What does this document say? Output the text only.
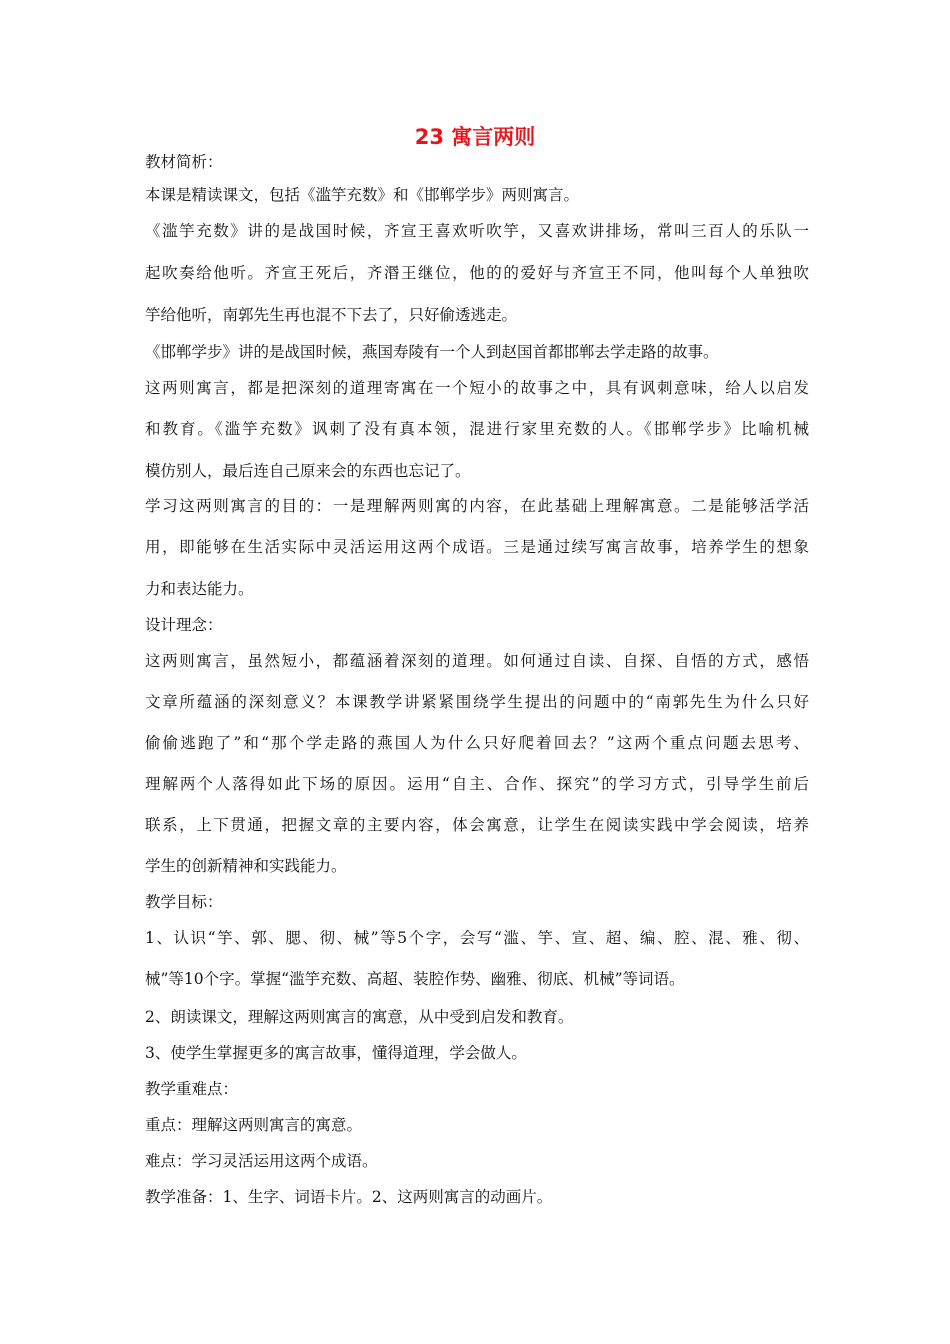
23 寓言两则

教材简析：

本课是精读课文，包括《滥竽充数》和《邯郸学步》两则寓言。

《滥竽充数》讲的是战国时候，齐宣王喜欢听吹竽，又喜欢讲排场，常叫三百人的乐队一

起吹奏给他听。齐宣王死后，齐湣王继位，他的的爱好与齐宣王不同，他叫每个人单独吹

竽给他听，南郭先生再也混不下去了，只好偷透逃走。

《邯郸学步》讲的是战国时候，燕国寿陵有一个人到赵国首都邯郸去学走路的故事。

这两则寓言，都是把深刻的道理寄寓在一个短小的故事之中，具有讽刺意味，给人以启发

和教育。《滥竽充数》讽刺了没有真本领，混进行家里充数的人。《邯郸学步》比喻机械

模仿别人，最后连自己原来会的东西也忘记了。

学习这两则寓言的目的：一是理解两则寓的内容，在此基础上理解寓意。二是能够活学活

用，即能够在生活实际中灵活运用这两个成语。三是通过续写寓言故事，培养学生的想象

力和表达能力。

设计理念：

这两则寓言，虽然短小，都蕴涵着深刻的道理。如何通过自读、自探、自悟的方式，感悟

文章所蕴涵的深刻意义？本课教学讲紧紧围绕学生提出的问题中的“南郭先生为什么只好

偷偷逃跑了”和“那个学走路的燕国人为什么只好爬着回去？”这两个重点问题去思考、

理解两个人落得如此下场的原因。运用“自主、合作、探究”的学习方式，引导学生前后

联系，上下贯通，把握文章的主要内容，体会寓意，让学生在阅读实践中学会阅读，培养

学生的创新精神和实践能力。

教学目标：

1、认识“竽、郭、腮、彻、械”等5个字，会写“滥、竽、宣、超、编、腔、混、雅、彻、

械”等10个字。掌握“滥竽充数、高超、装腔作势、幽雅、彻底、机械”等词语。

2、朗读课文，理解这两则寓言的寓意，从中受到启发和教育。

3、使学生掌握更多的寓言故事，懂得道理，学会做人。

教学重难点：

重点：理解这两则寓言的寓意。

难点：学习灵活运用这两个成语。

教学准备：1、生字、词语卡片。2、这两则寓言的动画片。
